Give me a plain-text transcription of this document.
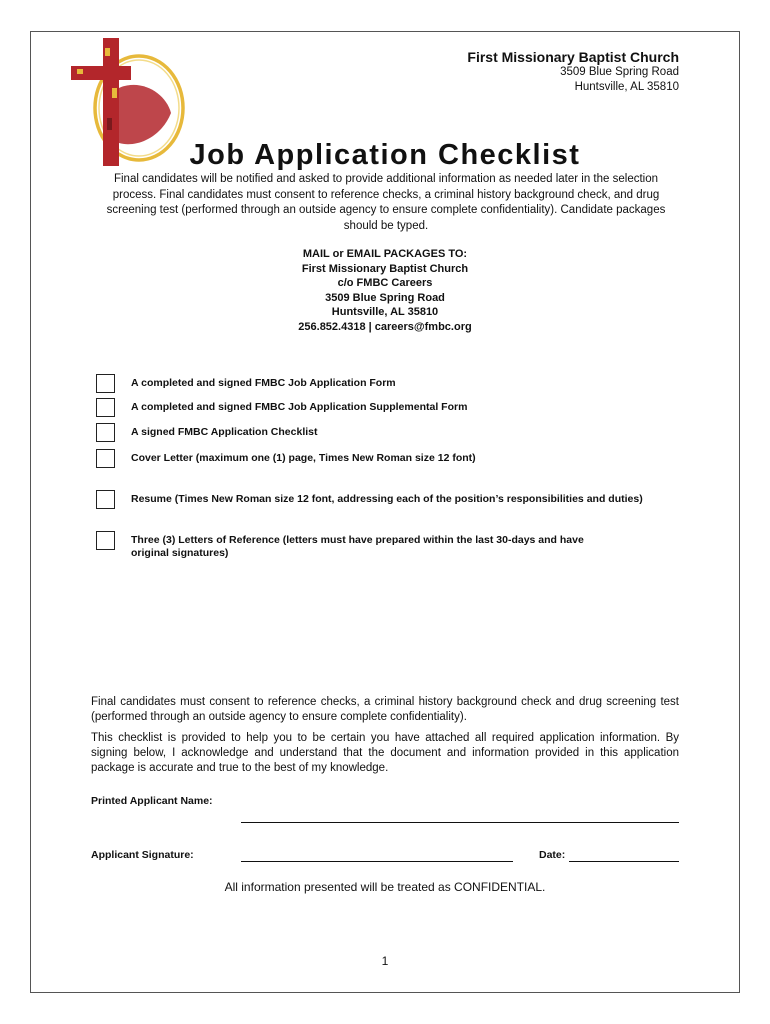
First Missionary Baptist Church
3509 Blue Spring Road
Huntsville, AL 35810
Job Application Checklist
Final candidates will be notified and asked to provide additional information as needed later in the selection process. Final candidates must consent to reference checks, a criminal history background check, and drug screening test (performed through an outside agency to ensure complete confidentiality). Candidate packages should be typed.
MAIL or EMAIL PACKAGES TO:
First Missionary Baptist Church
c/o FMBC Careers
3509 Blue Spring Road
Huntsville, AL 35810
256.852.4318 | careers@fmbc.org
A completed and signed FMBC Job Application Form
A completed and signed FMBC Job Application Supplemental Form
A signed FMBC Application Checklist
Cover Letter (maximum one (1) page, Times New Roman size 12 font)
Resume (Times New Roman size 12 font, addressing each of the position’s responsibilities and duties)
Three (3) Letters of Reference (letters must have prepared within the last 30-days and have original signatures)
Final candidates must consent to reference checks, a criminal history background check and drug screening test (performed through an outside agency to ensure complete confidentiality).
This checklist is provided to help you to be certain you have attached all required application information. By signing below, I acknowledge and understand that the document and information provided in this application package is accurate and true to the best of my knowledge.
Printed Applicant Name:
Applicant Signature:	Date:
All information presented will be treated as CONFIDENTIAL.
1
